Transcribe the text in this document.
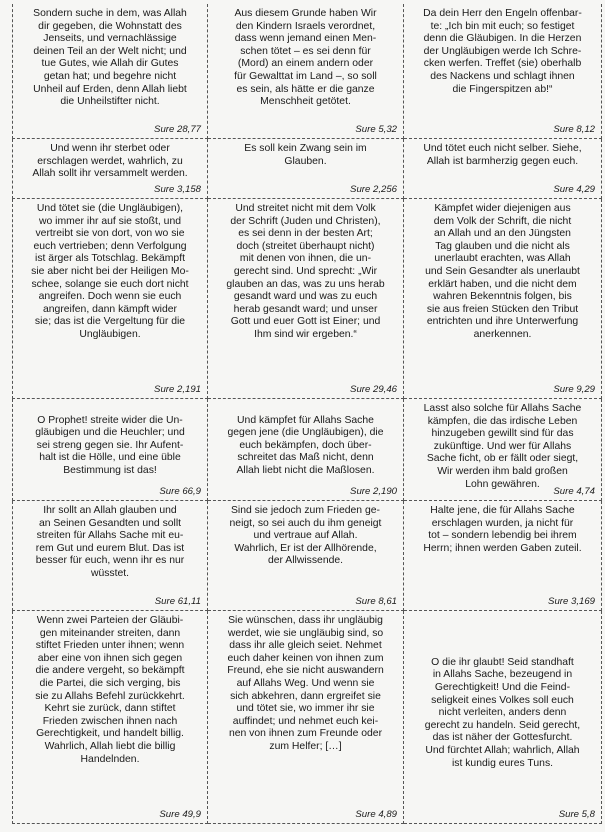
Sondern suche in dem, was Allah
dir gegeben, die Wohnstatt des
Jenseits, und vernachlässige
deinen Teil an der Welt nicht; und
tue Gutes, wie Allah dir Gutes
getan hat; und begehre nicht
Unheil auf Erden, denn Allah liebt
die Unheilstifter nicht.

Sure 28,77

Aus diesem Grunde haben Wir
den Kindern Israels verordnet,
dass wenn jemand einen Men-
schen tötet – es sei denn für
(Mord) an einem andern oder
für Gewalttat im Land –, so soll
es sein, als hätte er die ganze
Menschheit getötet.

Sure 5,32

Da dein Herr den Engeln offenbar-
te: „Ich bin mit euch; so festiget
denn die Gläubigen. In die Herzen
der Ungläubigen werde Ich Schre-
cken werfen. Treffet (sie) oberhalb
des Nackens und schlagt ihnen
die Fingerspitzen ab!“

Sure 8,12

Und wenn ihr sterbet oder
erschlagen werdet, wahrlich, zu
Allah sollt ihr versammelt werden.

Sure 3,158

Es soll kein Zwang sein im
Glauben.

Sure 2,256

Und tötet euch nicht selber. Siehe,
Allah ist barmherzig gegen euch.

Sure 4,29

Und tötet sie (die Ungläubigen),
wo immer ihr auf sie stoßt, und
vertreibt sie von dort, von wo sie
euch vertrieben; denn Verfolgung
ist ärger als Totschlag. Bekämpft
sie aber nicht bei der Heiligen Mo-
schee, solange sie euch dort nicht
angreifen. Doch wenn sie euch
angreifen, dann kämpft wider
sie; das ist die Vergeltung für die
Ungläubigen.

Sure 2,191

Und streitet nicht mit dem Volk
der Schrift (Juden und Christen),
es sei denn in der besten Art;
doch (streitet überhaupt nicht)
mit denen von ihnen, die un-
gerecht sind. Und sprecht: „Wir
glauben an das, was zu uns herab
gesandt ward und was zu euch
herab gesandt ward; und unser
Gott und euer Gott ist Einer; und
Ihm sind wir ergeben.“

Sure 29,46

Kämpfet wider diejenigen aus
dem Volk der Schrift, die nicht
an Allah und an den Jüngsten
Tag glauben und die nicht als
unerlaubt erachten, was Allah
und Sein Gesandter als unerlaubt
erklärt haben, und die nicht dem
wahren Bekenntnis folgen, bis
sie aus freien Stücken den Tribut
entrichten und ihre Unterwerfung
anerkennen.

Sure 9,29

O Prophet! streite wider die Un-
gläubigen und die Heuchler; und
sei streng gegen sie. Ihr Aufent-
halt ist die Hölle, und eine üble
Bestimmung ist das!

Sure 66,9

Und kämpfet für Allahs Sache
gegen jene (die Ungläubigen), die
euch bekämpfen, doch über-
schreitet das Maß nicht, denn
Allah liebt nicht die Maßlosen.

Sure 2,190

Lasst also solche für Allahs Sache
kämpfen, die das irdische Leben
hinzugeben gewillt sind für das
zukünftige. Und wer für Allahs
Sache ficht, ob er fällt oder siegt,
Wir werden ihm bald großen
Lohn gewähren.

Sure 4,74

Ihr sollt an Allah glauben und
an Seinen Gesandten und sollt
streiten für Allahs Sache mit eu-
rem Gut und eurem Blut. Das ist
besser für euch, wenn ihr es nur
wüsstet.

Sure 61,11

Sind sie jedoch zum Frieden ge-
neigt, so sei auch du ihm geneigt
und vertraue auf Allah.
Wahrlich, Er ist der Allhörende,
der Allwissende.

Sure 8,61

Halte jene, die für Allahs Sache
erschlagen wurden, ja nicht für
tot – sondern lebendig bei ihrem
Herrn; ihnen werden Gaben zuteil.

Sure 3,169

Wenn zwei Parteien der Gläubi-
gen miteinander streiten, dann
stiftet Frieden unter ihnen; wenn
aber eine von ihnen sich gegen
die andere vergeht, so bekämpft
die Partei, die sich verging, bis
sie zu Allahs Befehl zurückkehrt.
Kehrt sie zurück, dann stiftet
Frieden zwischen ihnen nach
Gerechtigkeit, und handelt billig.
Wahrlich, Allah liebt die billig
Handelnden.

Sure 49,9

Sie wünschen, dass ihr ungläubig
werdet, wie sie ungläubig sind, so
dass ihr alle gleich seiet. Nehmet
euch daher keinen von ihnen zum
Freund, ehe sie nicht auswandern
auf Allahs Weg. Und wenn sie
sich abkehren, dann ergreifet sie
und tötet sie, wo immer ihr sie
auffindet; und nehmet euch kei-
nen von ihnen zum Freunde oder
zum Helfer; […]

Sure 4,89

O die ihr glaubt! Seid standhaft
in Allahs Sache, bezeugend in
Gerechtigkeit! Und die Feind-
seligkeit eines Volkes soll euch
nicht verleiten, anders denn
gerecht zu handeln. Seid gerecht,
das ist näher der Gottesfurcht.
Und fürchtet Allah; wahrlich, Allah
ist kundig eures Tuns.

Sure 5,8
